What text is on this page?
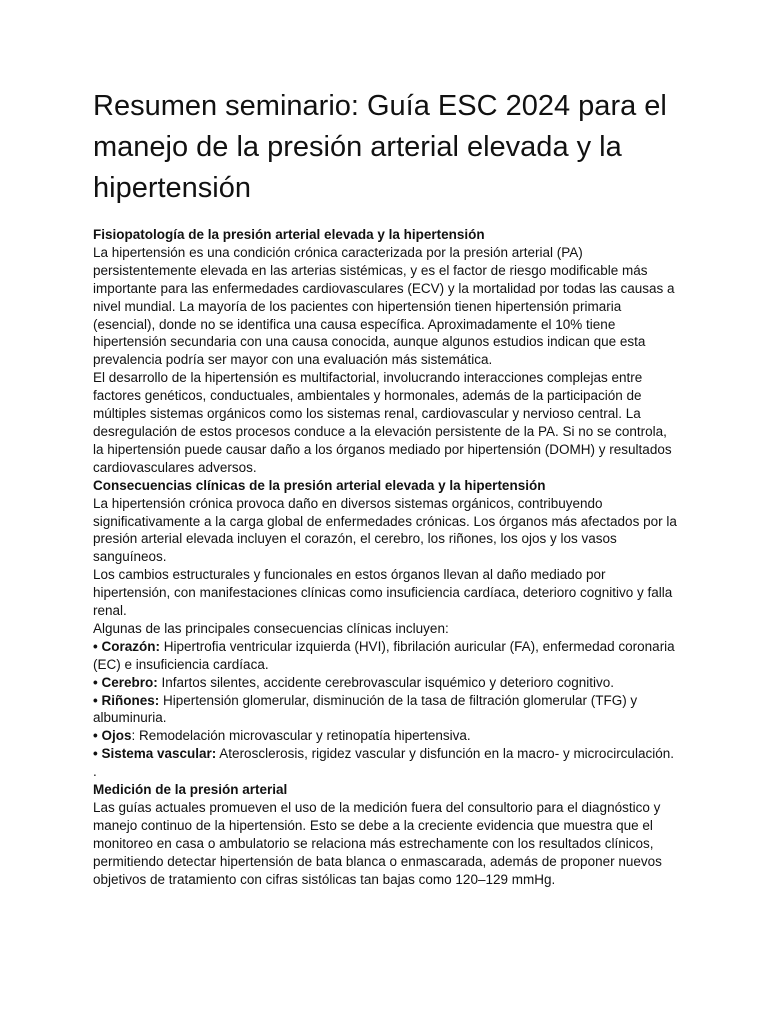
Resumen seminario: Guía ESC 2024 para el manejo de la presión arterial elevada y la hipertensión

Fisiopatología de la presión arterial elevada y la hipertensión

La hipertensión es una condición crónica caracterizada por la presión arterial (PA) persistentemente elevada en las arterias sistémicas, y es el factor de riesgo modificable más importante para las enfermedades cardiovasculares (ECV) y la mortalidad por todas las causas a nivel mundial. La mayoría de los pacientes con hipertensión tienen hipertensión primaria (esencial), donde no se identifica una causa específica. Aproximadamente el 10% tiene hipertensión secundaria con una causa conocida, aunque algunos estudios indican que esta prevalencia podría ser mayor con una evaluación más sistemática.

El desarrollo de la hipertensión es multifactorial, involucrando interacciones complejas entre factores genéticos, conductuales, ambientales y hormonales, además de la participación de múltiples sistemas orgánicos como los sistemas renal, cardiovascular y nervioso central. La desregulación de estos procesos conduce a la elevación persistente de la PA. Si no se controla, la hipertensión puede causar daño a los órganos mediado por hipertensión (DOMH) y resultados cardiovasculares adversos.

Consecuencias clínicas de la presión arterial elevada y la hipertensión

La hipertensión crónica provoca daño en diversos sistemas orgánicos, contribuyendo significativamente a la carga global de enfermedades crónicas. Los órganos más afectados por la presión arterial elevada incluyen el corazón, el cerebro, los riñones, los ojos y los vasos sanguíneos.

Los cambios estructurales y funcionales en estos órganos llevan al daño mediado por hipertensión, con manifestaciones clínicas como insuficiencia cardíaca, deterioro cognitivo y falla renal.

Algunas de las principales consecuencias clínicas incluyen:

• Corazón: Hipertrofia ventricular izquierda (HVI), fibrilación auricular (FA), enfermedad coronaria (EC) e insuficiencia cardíaca.
• Cerebro: Infartos silentes, accidente cerebrovascular isquémico y deterioro cognitivo.
• Riñones: Hipertensión glomerular, disminución de la tasa de filtración glomerular (TFG) y albuminuria.
• Ojos: Remodelación microvascular y retinopatía hipertensiva.
• Sistema vascular: Aterosclerosis, rigidez vascular y disfunción en la macro- y microcirculación.

.

Medición de la presión arterial

Las guías actuales promueven el uso de la medición fuera del consultorio para el diagnóstico y manejo continuo de la hipertensión. Esto se debe a la creciente evidencia que muestra que el monitoreo en casa o ambulatorio se relaciona más estrechamente con los resultados clínicos, permitiendo detectar hipertensión de bata blanca o enmascarada, además de proponer nuevos objetivos de tratamiento con cifras sistólicas tan bajas como 120–129 mmHg.
